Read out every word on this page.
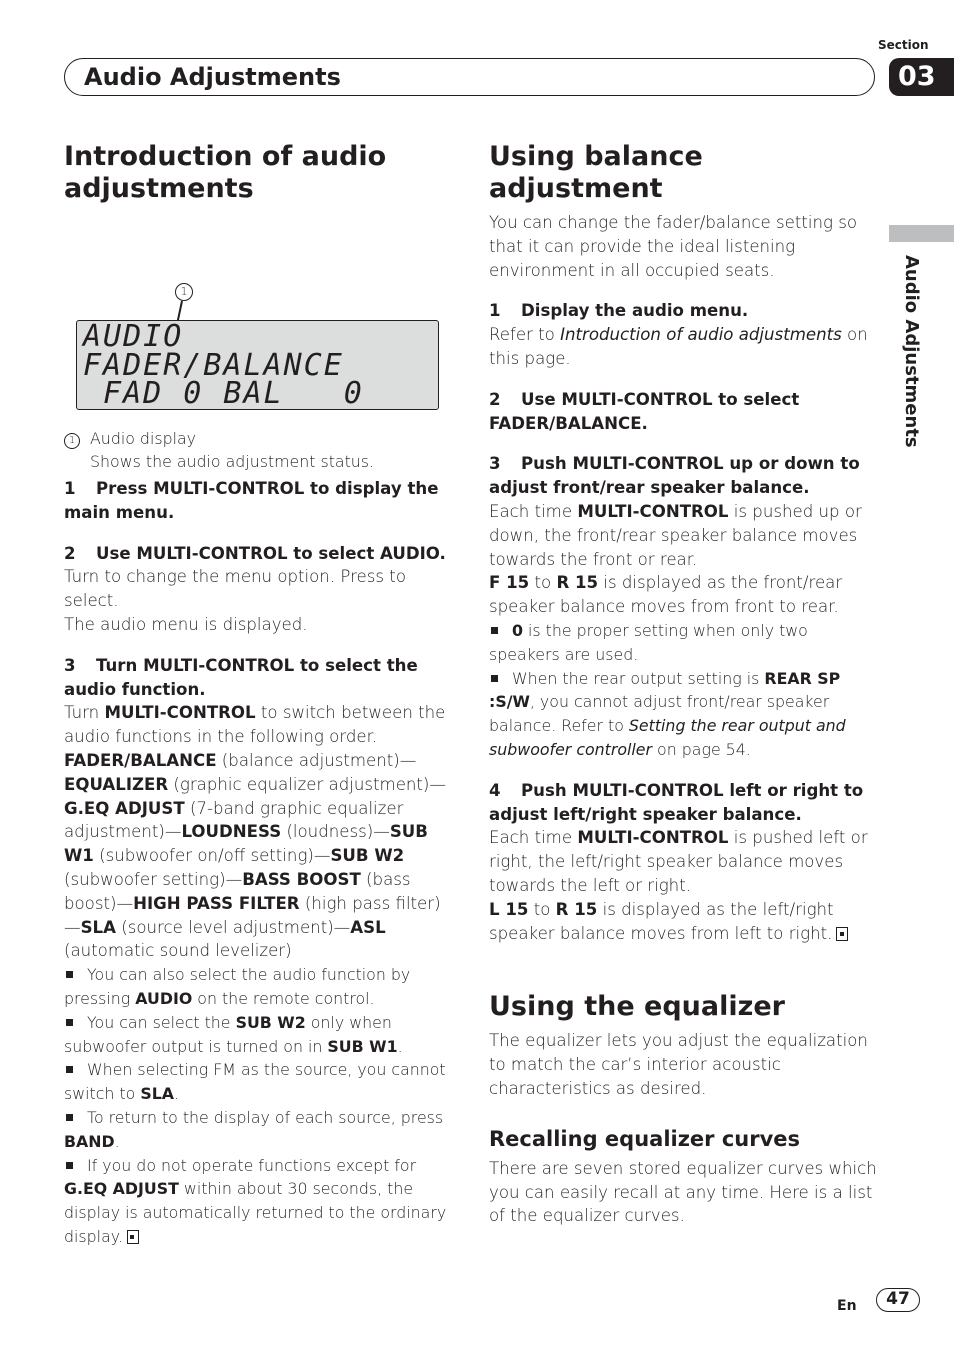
Section
03
Audio Adjustments
Audio Adjustments
Introduction of audio adjustments
1
AUDIO
FADER/BALANCE
FAD 0 BAL   0
1 Audio display
Shows the audio adjustment status.

1 Press MULTI-CONTROL to display the main menu.

2 Use MULTI-CONTROL to select AUDIO.

Turn to change the menu option. Press to select.

The audio menu is displayed.

3 Turn MULTI-CONTROL to select the audio function.

Turn MULTI-CONTROL to switch between the audio functions in the following order.

FADER/BALANCE (balance adjustment)—EQUALIZER (graphic equalizer adjustment)—G.EQ ADJUST (7-band graphic equalizer adjustment)—LOUDNESS (loudness)—SUB W1 (subwoofer on/off setting)—SUB W2 (subwoofer setting)—BASS BOOST (bass boost)—HIGH PASS FILTER (high pass filter)—SLA (source level adjustment)—ASL (automatic sound levelizer)

You can also select the audio function by pressing AUDIO on the remote control.

You can select the SUB W2 only when subwoofer output is turned on in SUB W1.

When selecting FM as the source, you cannot switch to SLA.

To return to the display of each source, press BAND.

If you do not operate functions except for G.EQ ADJUST within about 30 seconds, the display is automatically returned to the ordinary display.

Using balance adjustment

You can change the fader/balance setting so that it can provide the ideal listening environment in all occupied seats.

1 Display the audio menu.

Refer to Introduction of audio adjustments on this page.

2 Use MULTI-CONTROL to select FADER/BALANCE.

3 Push MULTI-CONTROL up or down to adjust front/rear speaker balance.

Each time MULTI-CONTROL is pushed up or down, the front/rear speaker balance moves towards the front or rear.

F 15 to R 15 is displayed as the front/rear speaker balance moves from front to rear.

0 is the proper setting when only two speakers are used.

When the rear output setting is REAR SP :S/W, you cannot adjust front/rear speaker balance. Refer to Setting the rear output and subwoofer controller on page 54.

4 Push MULTI-CONTROL left or right to adjust left/right speaker balance.

Each time MULTI-CONTROL is pushed left or right, the left/right speaker balance moves towards the left or right.

L 15 to R 15 is displayed as the left/right speaker balance moves from left to right.

Using the equalizer

The equalizer lets you adjust the equalization to match the car’s interior acoustic characteristics as desired.

Recalling equalizer curves

There are seven stored equalizer curves which you can easily recall at any time. Here is a list of the equalizer curves.

En	47
